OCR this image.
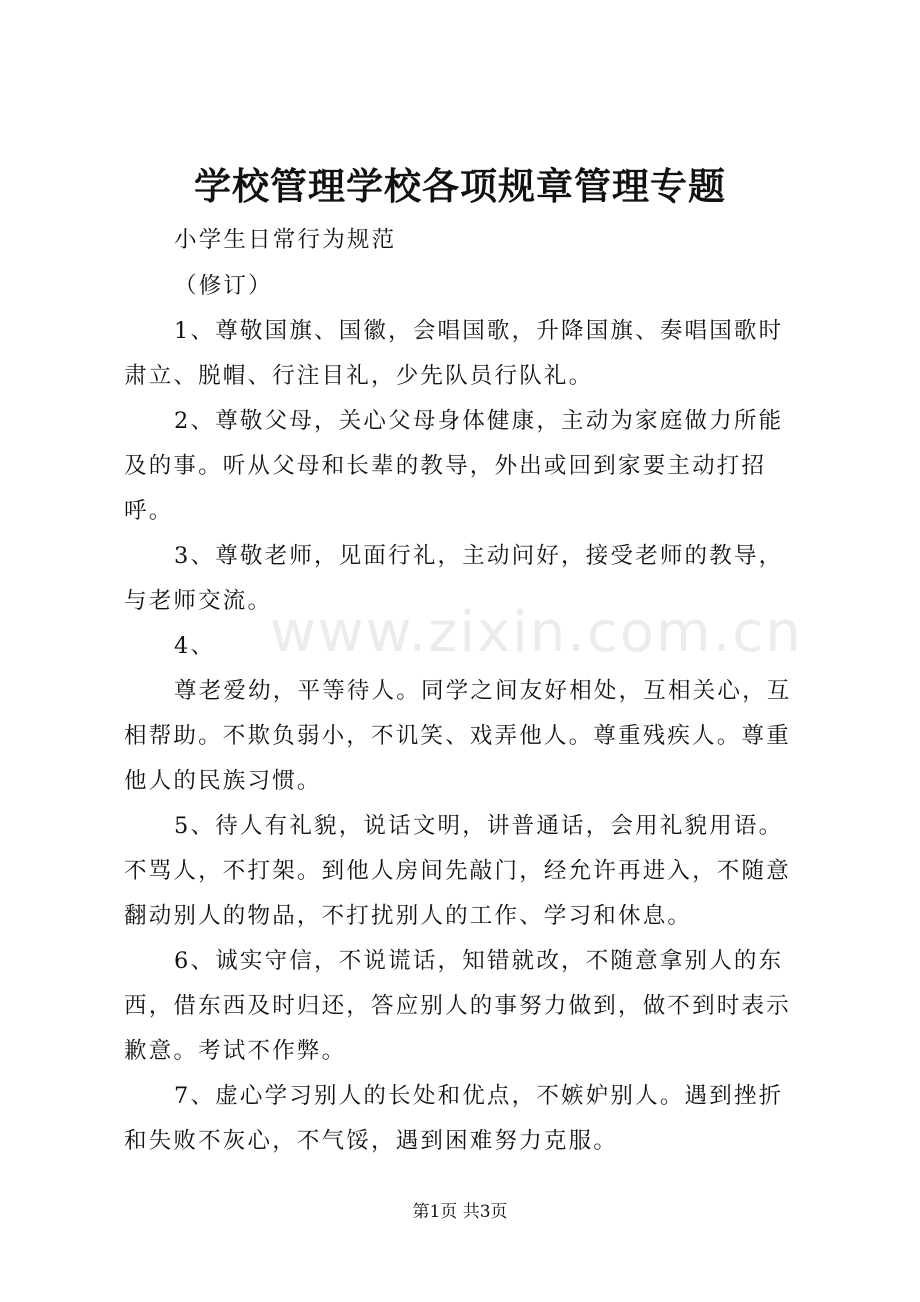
www.zixin.com.cn
学校管理学校各项规章管理专题

小学生日常行为规范

（修订）

1、尊敬国旗、国徽，会唱国歌，升降国旗、奏唱国歌时肃立、脱帽、行注目礼，少先队员行队礼。

2、尊敬父母，关心父母身体健康，主动为家庭做力所能及的事。听从父母和长辈的教导，外出或回到家要主动打招呼。

3、尊敬老师，见面行礼，主动问好，接受老师的教导，与老师交流。

4、

尊老爱幼，平等待人。同学之间友好相处，互相关心，互相帮助。不欺负弱小，不讥笑、戏弄他人。尊重残疾人。尊重他人的民族习惯。

5、待人有礼貌，说话文明，讲普通话，会用礼貌用语。不骂人，不打架。到他人房间先敲门，经允许再进入，不随意翻动别人的物品，不打扰别人的工作、学习和休息。

6、诚实守信，不说谎话，知错就改，不随意拿别人的东西，借东西及时归还，答应别人的事努力做到，做不到时表示歉意。考试不作弊。

7、虚心学习别人的长处和优点，不嫉妒别人。遇到挫折和失败不灰心，不气馁，遇到困难努力克服。

第1页 共3页
